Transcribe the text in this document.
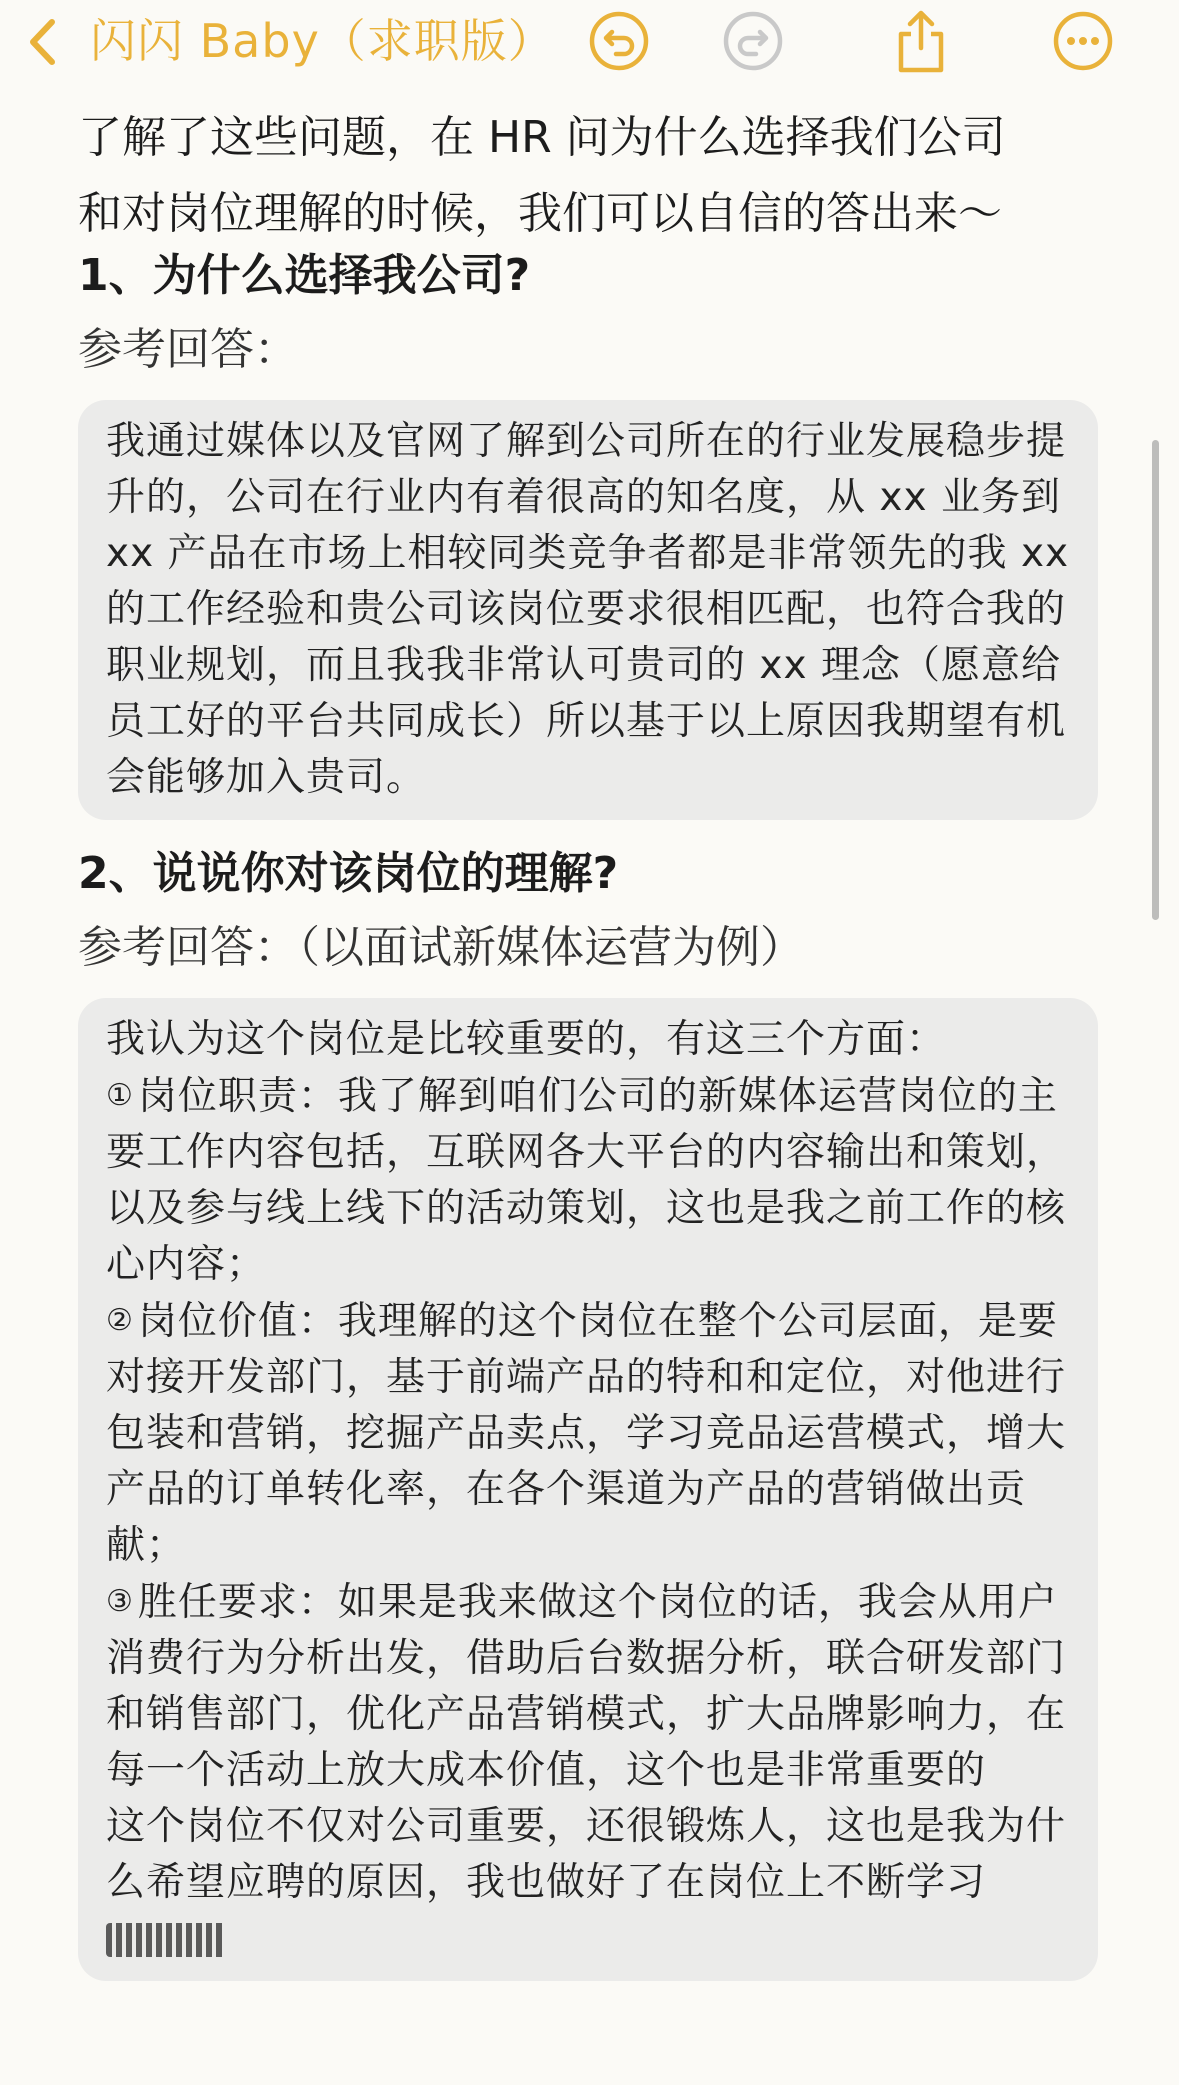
闪闪 Baby（求职版）

了解了这些问题，在 HR 问为什么选择我们公司

和对岗位理解的时候，我们可以自信的答出来～

1、为什么选择我公司?

参考回答：

我通过媒体以及官网了解到公司所在的行业发展稳步提升的，公司在行业内有着很高的知名度，从 xx 业务到 xx 产品在市场上相较同类竞争者都是非常领先的我 xx 的工作经验和贵公司该岗位要求很相匹配，也符合我的职业规划，而且我我非常认可贵司的 xx 理念（愿意给员工好的平台共同成长）所以基于以上原因我期望有机会能够加入贵司。

2、说说你对该岗位的理解?

参考回答：（以面试新媒体运营为例）

我认为这个岗位是比较重要的，有这三个方面：

① 岗位职责：我了解到咱们公司的新媒体运营岗位的主要工作内容包括，互联网各大平台的内容输出和策划，以及参与线上线下的活动策划，这也是我之前工作的核心内容；

② 岗位价值：我理解的这个岗位在整个公司层面，是要对接开发部门，基于前端产品的特和和定位，对他进行包装和营销，挖掘产品卖点，学习竞品运营模式，增大产品的订单转化率，在各个渠道为产品的营销做出贡献；

③ 胜任要求：如果是我来做这个岗位的话，我会从用户消费行为分析出发，借助后台数据分析，联合研发部门和销售部门，优化产品营销模式，扩大品牌影响力，在每一个活动上放大成本价值，这个也是非常重要的

这个岗位不仅对公司重要，还很锻炼人，这也是我为什么希望应聘的原因，我也做好了在岗位上不断学习
